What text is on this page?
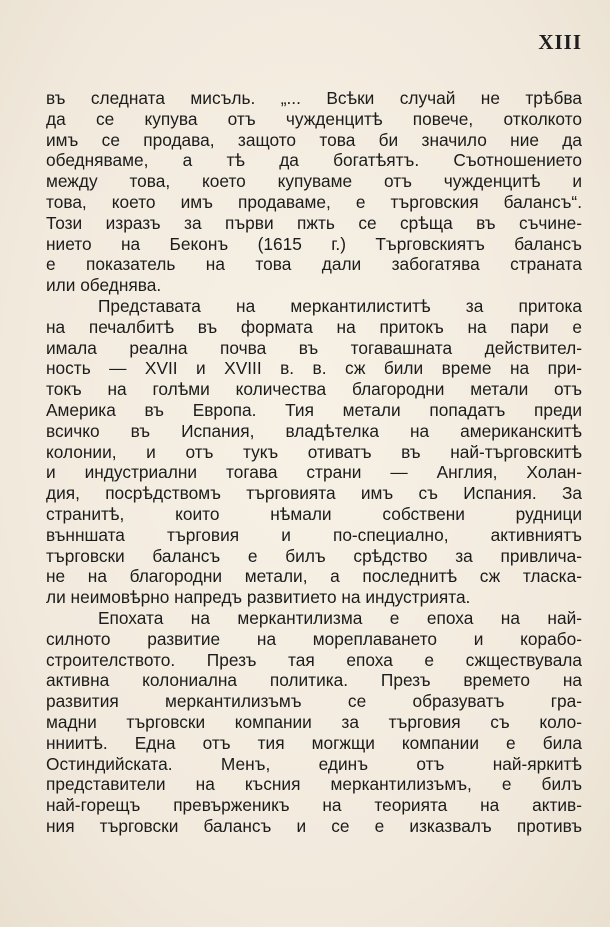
XIII
въ следната мисъль. „... Всѣки случай не трѣбва
да се купува отъ чужденцитѣ повече, отколкото
имъ се продава, защото това би значило ние да
обедняваме, а тѣ да богатѣятъ. Съотношението
между това, което купуваме отъ чужденцитѣ и
това, което имъ продаваме, е търговския балансъ“.
Този изразъ за първи пжть се срѣща въ съчине-
нието на Беконъ (1615 г.) Търговскиятъ балансъ
е показатель на това дали забогатява страната
или обеднява.
Представата на меркантилиститѣ за притока
на печалбитѣ въ формата на притокъ на пари е
имала реална почва въ тогавашната действител-
ность — XVII и XVIII в. в. сж били време на при-
токъ на голѣми количества благородни метали отъ
Америка въ Европа. Тия метали попадатъ преди
всичко въ Испания, владѣтелка на американскитѣ
колонии, и отъ тукъ отиватъ въ най-търговскитѣ
и индустриални тогава страни — Англия, Холан-
дия, посрѣдствомъ търговията имъ съ Испания. За
странитѣ, които нѣмали собствени рудници
вънншата търговия и по-специално, активниятъ
търговски балансъ е билъ срѣдство за привлича-
не на благородни метали, а последнитѣ сж тласка-
ли неимовѣрно напредъ развитието на индустрията.
Епохата на меркантилизма е епоха на най-
силното развитие на мореплаването и корабо-
строителството. Презъ тая епоха е сжществувала
активна колониална политика. Презъ времето на
развития меркантилизъмъ се образуватъ гра-
мадни търговски компании за търговия съ коло-
нниитѣ. Една отъ тия могжщи компании е била
Остиндийската. Менъ, единъ отъ най-яркитѣ
представители на късния меркантилизъмъ, е билъ
най-горещъ превърженикъ на теорията на актив-
ния търговски балансъ и се е изказвалъ противъ
